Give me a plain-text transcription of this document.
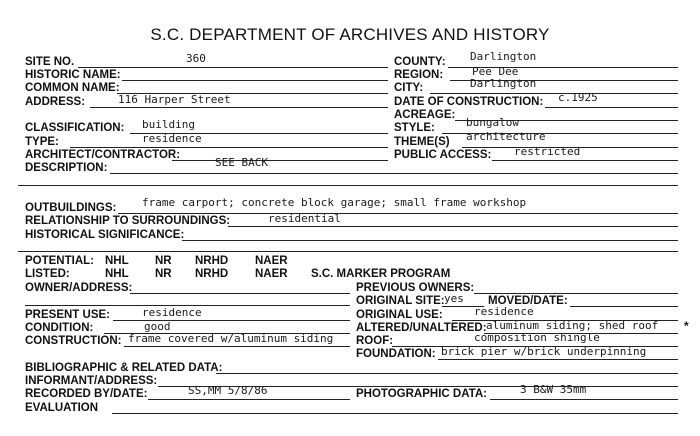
S.C. DEPARTMENT OF ARCHIVES AND HISTORY
SITE NO.	360
HISTORIC NAME:
COMMON NAME:
ADDRESS:	116 Harper Street
CLASSIFICATION: building
TYPE:	residence
ARCHITECT/CONTRACTOR:
DESCRIPTION:	SEE BACK
COUNTY: Darlington
REGION:	Pee Dee
CITY:	Darlington
DATE OF CONSTRUCTION: c.1925
ACREAGE:
STYLE:	bungalow
THEME(S) architecture
PUBLIC ACCESS: restricted
OUTBUILDINGS: frame carport; concrete block garage; small frame workshop
RELATIONSHIP TO SURROUNDINGS:	residential
HISTORICAL SIGNIFICANCE:
POTENTIAL: NHL NR NRHD NAER
LISTED:	NHL NR NRHD NAER S.C. MARKER PROGRAM
OWNER/ADDRESS:	PREVIOUS OWNERS:
ORIGINAL SITE: yes MOVED/DATE:
PRESENT USE:	residence	ORIGINAL USE:	residence
CONDITION:	good	ALTERED/UNALTERED: aluminum siding; shed roof *
CONSTRUCTION: frame covered w/aluminum siding ROOF:	composition shingle
FOUNDATION: brick pier w/brick underpinning
BIBLIOGRAPHIC & RELATED DATA:
INFORMANT/ADDRESS:
RECORDED BY/DATE:	SS,MM 5/8/86	PHOTOGRAPHIC DATA:	3 B&W 35mm
EVALUATION
